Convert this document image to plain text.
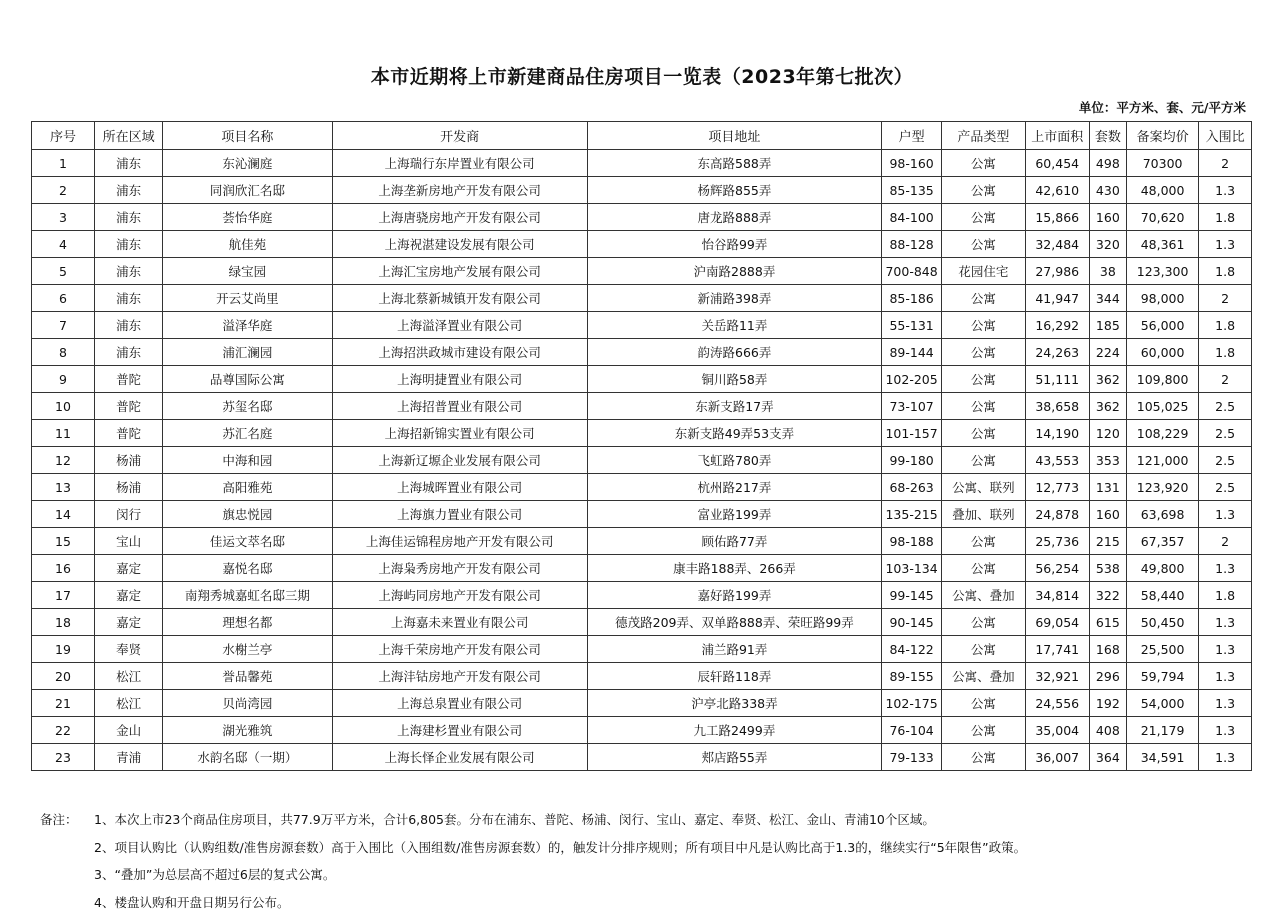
本市近期将上市新建商品住房项目一览表（2023年第七批次）
单位：平方米、套、元/平方米
序号	所在区域	项目名称	开发商	项目地址	户型	产品类型	上市面积	套数	备案均价	入围比
1	浦东	东沁澜庭	上海瑞行东岸置业有限公司	东高路588弄	98-160	公寓	60,454	498	70300	2
2	浦东	同润欣汇名邸	上海垄新房地产开发有限公司	杨辉路855弄	85-135	公寓	42,610	430	48,000	1.3
3	浦东	荟怡华庭	上海唐骁房地产开发有限公司	唐龙路888弄	84-100	公寓	15,866	160	70,620	1.8
4	浦东	航佳苑	上海祝湛建设发展有限公司	怡谷路99弄	88-128	公寓	32,484	320	48,361	1.3
5	浦东	绿宝园	上海汇宝房地产发展有限公司	沪南路2888弄	700-848	花园住宅	27,986	38	123,300	1.8
6	浦东	开云艾尚里	上海北蔡新城镇开发有限公司	新浦路398弄	85-186	公寓	41,947	344	98,000	2
7	浦东	溢泽华庭	上海溢泽置业有限公司	关岳路11弄	55-131	公寓	16,292	185	56,000	1.8
8	浦东	浦汇澜园	上海招洪政城市建设有限公司	韵涛路666弄	89-144	公寓	24,263	224	60,000	1.8
9	普陀	品尊国际公寓	上海明捷置业有限公司	铜川路58弄	102-205	公寓	51,111	362	109,800	2
10	普陀	苏玺名邸	上海招普置业有限公司	东新支路17弄	73-107	公寓	38,658	362	105,025	2.5
11	普陀	苏汇名庭	上海招新锦实置业有限公司	东新支路49弄53支弄	101-157	公寓	14,190	120	108,229	2.5
12	杨浦	中海和园	上海新辽塬企业发展有限公司	飞虹路780弄	99-180	公寓	43,553	353	121,000	2.5
13	杨浦	高阳雅苑	上海城晖置业有限公司	杭州路217弄	68-263	公寓、联列	12,773	131	123,920	2.5
14	闵行	旗忠悦园	上海旗力置业有限公司	富业路199弄	135-215	叠加、联列	24,878	160	63,698	1.3
15	宝山	佳运文萃名邸	上海佳运锦程房地产开发有限公司	顾佑路77弄	98-188	公寓	25,736	215	67,357	2
16	嘉定	嘉悦名邸	上海枭秀房地产开发有限公司	康丰路188弄、266弄	103-134	公寓	56,254	538	49,800	1.3
17	嘉定	南翔秀城嘉虹名邸三期	上海屿同房地产开发有限公司	嘉好路199弄	99-145	公寓、叠加	34,814	322	58,440	1.8
18	嘉定	理想名都	上海嘉未来置业有限公司	德茂路209弄、双单路888弄、荣旺路99弄	90-145	公寓	69,054	615	50,450	1.3
19	奉贤	水榭兰亭	上海千荣房地产开发有限公司	浦兰路91弄	84-122	公寓	17,741	168	25,500	1.3
20	松江	誉品馨苑	上海沣钴房地产开发有限公司	辰轩路118弄	89-155	公寓、叠加	32,921	296	59,794	1.3
21	松江	贝尚湾园	上海总泉置业有限公司	沪亭北路338弄	102-175	公寓	24,556	192	54,000	1.3
22	金山	湖光雅筑	上海建杉置业有限公司	九工路2499弄	76-104	公寓	35,004	408	21,179	1.3
23	青浦	水韵名邸（一期）	上海长怿企业发展有限公司	郏店路55弄	79-133	公寓	36,007	364	34,591	1.3
备注：	1、本次上市23个商品住房项目，共77.9万平方米，合计6,805套。分布在浦东、普陀、杨浦、闵行、宝山、嘉定、奉贤、松江、金山、青浦10个区域。
2、项目认购比（认购组数/准售房源套数）高于入围比（入围组数/准售房源套数）的，触发计分排序规则；所有项目中凡是认购比高于1.3的，继续实行“5年限售”政策。
3、“叠加”为总层高不超过6层的复式公寓。
4、楼盘认购和开盘日期另行公布。
